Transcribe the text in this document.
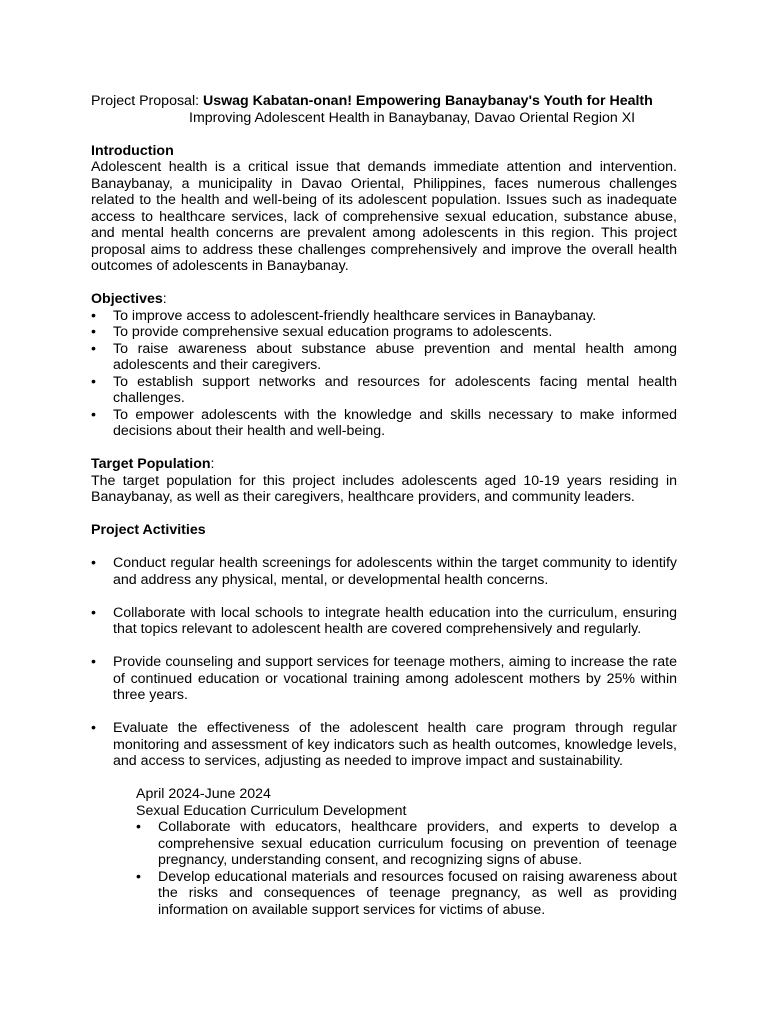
Project Proposal: Uswag Kabatan-onan! Empowering Banaybanay's Youth for Health

Improving Adolescent Health in Banaybanay, Davao Oriental Region XI

Introduction

Adolescent health is a critical issue that demands immediate attention and intervention. Banaybanay, a municipality in Davao Oriental, Philippines, faces numerous challenges related to the health and well-being of its adolescent population. Issues such as inadequate access to healthcare services, lack of comprehensive sexual education, substance abuse, and mental health concerns are prevalent among adolescents in this region. This project proposal aims to address these challenges comprehensively and improve the overall health outcomes of adolescents in Banaybanay.

Objectives:

• To improve access to adolescent-friendly healthcare services in Banaybanay.
• To provide comprehensive sexual education programs to adolescents.
• To raise awareness about substance abuse prevention and mental health among adolescents and their caregivers.
• To establish support networks and resources for adolescents facing mental health challenges.
• To empower adolescents with the knowledge and skills necessary to make informed decisions about their health and well-being.

Target Population:

The target population for this project includes adolescents aged 10-19 years residing in Banaybanay, as well as their caregivers, healthcare providers, and community leaders.

Project Activities

• Conduct regular health screenings for adolescents within the target community to identify and address any physical, mental, or developmental health concerns.
• Collaborate with local schools to integrate health education into the curriculum, ensuring that topics relevant to adolescent health are covered comprehensively and regularly.
• Provide counseling and support services for teenage mothers, aiming to increase the rate of continued education or vocational training among adolescent mothers by 25% within three years.
• Evaluate the effectiveness of the adolescent health care program through regular monitoring and assessment of key indicators such as health outcomes, knowledge levels, and access to services, adjusting as needed to improve impact and sustainability.

April 2024-June 2024

Sexual Education Curriculum Development

• Collaborate with educators, healthcare providers, and experts to develop a comprehensive sexual education curriculum focusing on prevention of teenage pregnancy, understanding consent, and recognizing signs of abuse.
• Develop educational materials and resources focused on raising awareness about the risks and consequences of teenage pregnancy, as well as providing information on available support services for victims of abuse.
